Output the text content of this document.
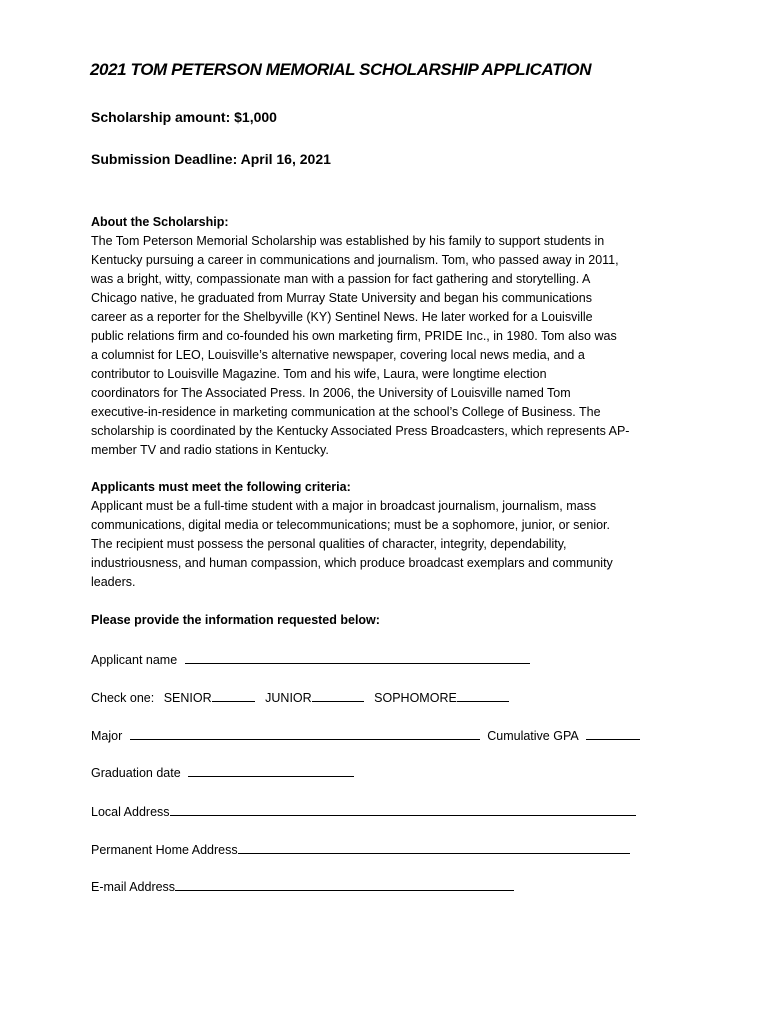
2021 TOM PETERSON MEMORIAL SCHOLARSHIP APPLICATION
Scholarship amount: $1,000
Submission Deadline: April 16, 2021
About the Scholarship:
The Tom Peterson Memorial Scholarship was established by his family to support students in
Kentucky pursuing a career in communications and journalism. Tom, who passed away in 2011,
was a bright, witty, compassionate man with a passion for fact gathering and storytelling. A
Chicago native, he graduated from Murray State University and began his communications
career as a reporter for the Shelbyville (KY) Sentinel News. He later worked for a Louisville
public relations firm and co-founded his own marketing firm, PRIDE Inc., in 1980. Tom also was
a columnist for LEO, Louisville’s alternative newspaper, covering local news media, and a
contributor to Louisville Magazine. Tom and his wife, Laura, were longtime election
coordinators for The Associated Press. In 2006, the University of Louisville named Tom
executive-in-residence in marketing communication at the school’s College of Business. The
scholarship is coordinated by the Kentucky Associated Press Broadcasters, which represents AP-
member TV and radio stations in Kentucky.
Applicants must meet the following criteria:
Applicant must be a full-time student with a major in broadcast journalism, journalism, mass
communications, digital media or telecommunications; must be a sophomore, junior, or senior.
The recipient must possess the personal qualities of character, integrity, dependability,
industriousness, and human compassion, which produce broadcast exemplars and community
leaders.
Please provide the information requested below:
Applicant name
Check one: SENIOR	JUNIOR	SOPHOMORE
Major	Cumulative GPA
Graduation date
Local Address
Permanent Home Address
E-mail Address
